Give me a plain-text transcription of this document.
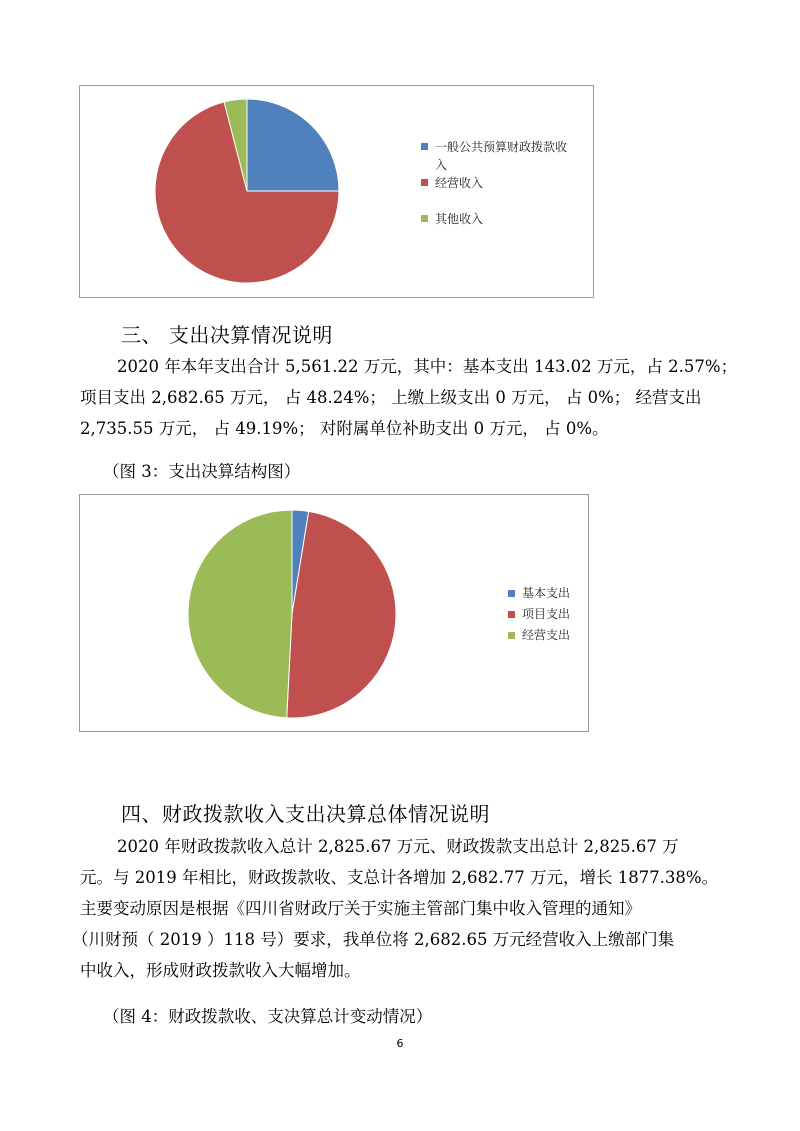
一般公共预算财政拨款收
入
经营收入
其他收入
三、 支出决算情况说明
2020 年本年支出合计 5,561.22 万元，其中：基本支出 143.02 万元，占 2.57%；
项目支出 2,682.65 万元， 占 48.24%； 上缴上级支出 0 万元， 占 0%； 经营支出
2,735.55 万元， 占 49.19%； 对附属单位补助支出 0 万元， 占 0%。
（图 3：支出决算结构图）
基本支出
项目支出
经营支出
四、财政拨款收入支出决算总体情况说明
2020 年财政拨款收入总计 2,825.67 万元、财政拨款支出总计 2,825.67 万
元。与 2019 年相比，财政拨款收、支总计各增加 2,682.77 万元，增长 1877.38%。
主要变动原因是根据《四川省财政厅关于实施主管部门集中收入管理的通知》
（川财预（ 2019 ）118 号）要求，我单位将 2,682.65 万元经营收入上缴部门集
中收入，形成财政拨款收入大幅增加。
（图 4：财政拨款收、支决算总计变动情况）
6
